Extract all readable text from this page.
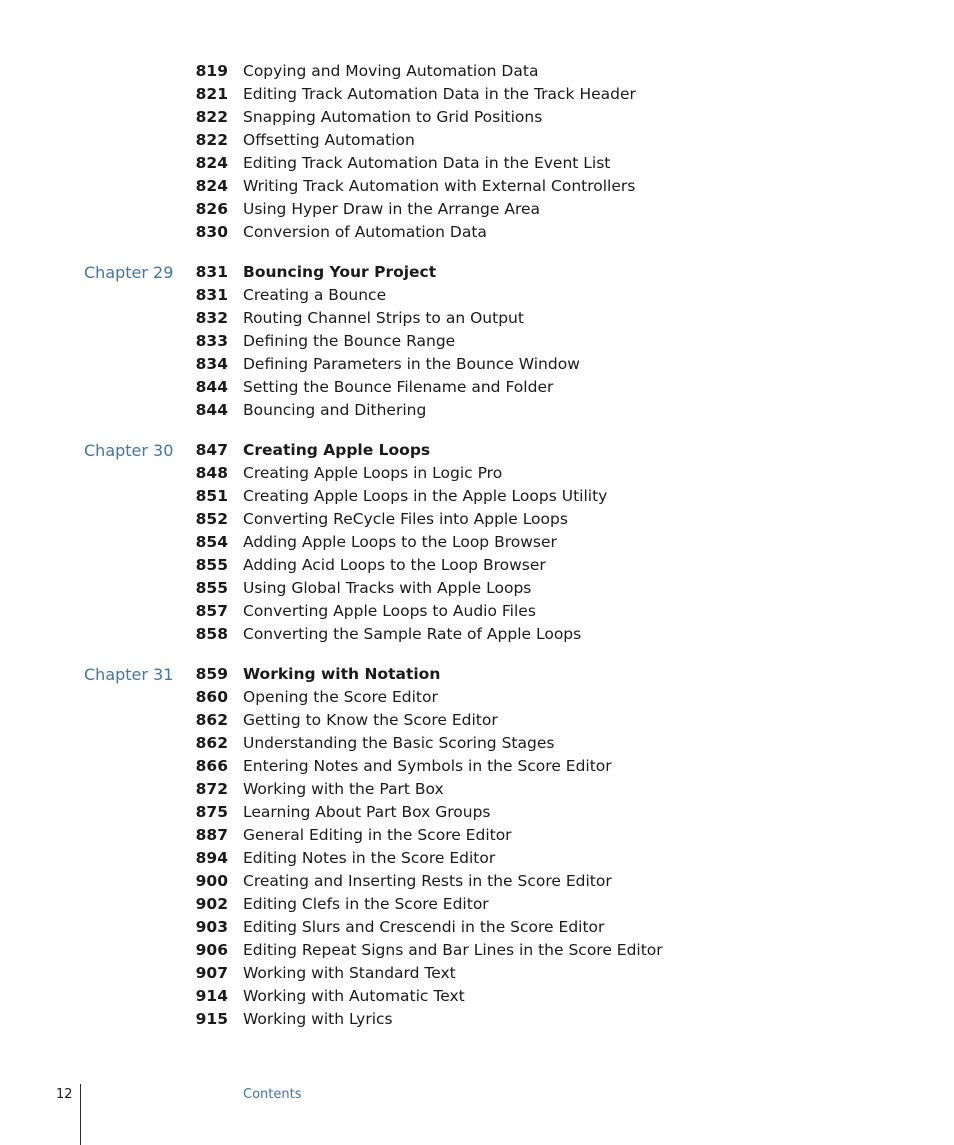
819 Copying and Moving Automation Data
821 Editing Track Automation Data in the Track Header
822 Snapping Automation to Grid Positions
822 Offsetting Automation
824 Editing Track Automation Data in the Event List
824 Writing Track Automation with External Controllers
826 Using Hyper Draw in the Arrange Area
830 Conversion of Automation Data
Chapter 29	831 Bouncing Your Project
831 Creating a Bounce
832 Routing Channel Strips to an Output
833 Defining the Bounce Range
834 Defining Parameters in the Bounce Window
844 Setting the Bounce Filename and Folder
844 Bouncing and Dithering
Chapter 30	847 Creating Apple Loops
848 Creating Apple Loops in Logic Pro
851 Creating Apple Loops in the Apple Loops Utility
852 Converting ReCycle Files into Apple Loops
854 Adding Apple Loops to the Loop Browser
855 Adding Acid Loops to the Loop Browser
855 Using Global Tracks with Apple Loops
857 Converting Apple Loops to Audio Files
858 Converting the Sample Rate of Apple Loops
Chapter 31	859 Working with Notation
860 Opening the Score Editor
862 Getting to Know the Score Editor
862 Understanding the Basic Scoring Stages
866 Entering Notes and Symbols in the Score Editor
872 Working with the Part Box
875 Learning About Part Box Groups
887 General Editing in the Score Editor
894 Editing Notes in the Score Editor
900 Creating and Inserting Rests in the Score Editor
902 Editing Clefs in the Score Editor
903 Editing Slurs and Crescendi in the Score Editor
906 Editing Repeat Signs and Bar Lines in the Score Editor
907 Working with Standard Text
914 Working with Automatic Text
915 Working with Lyrics
12	Contents
